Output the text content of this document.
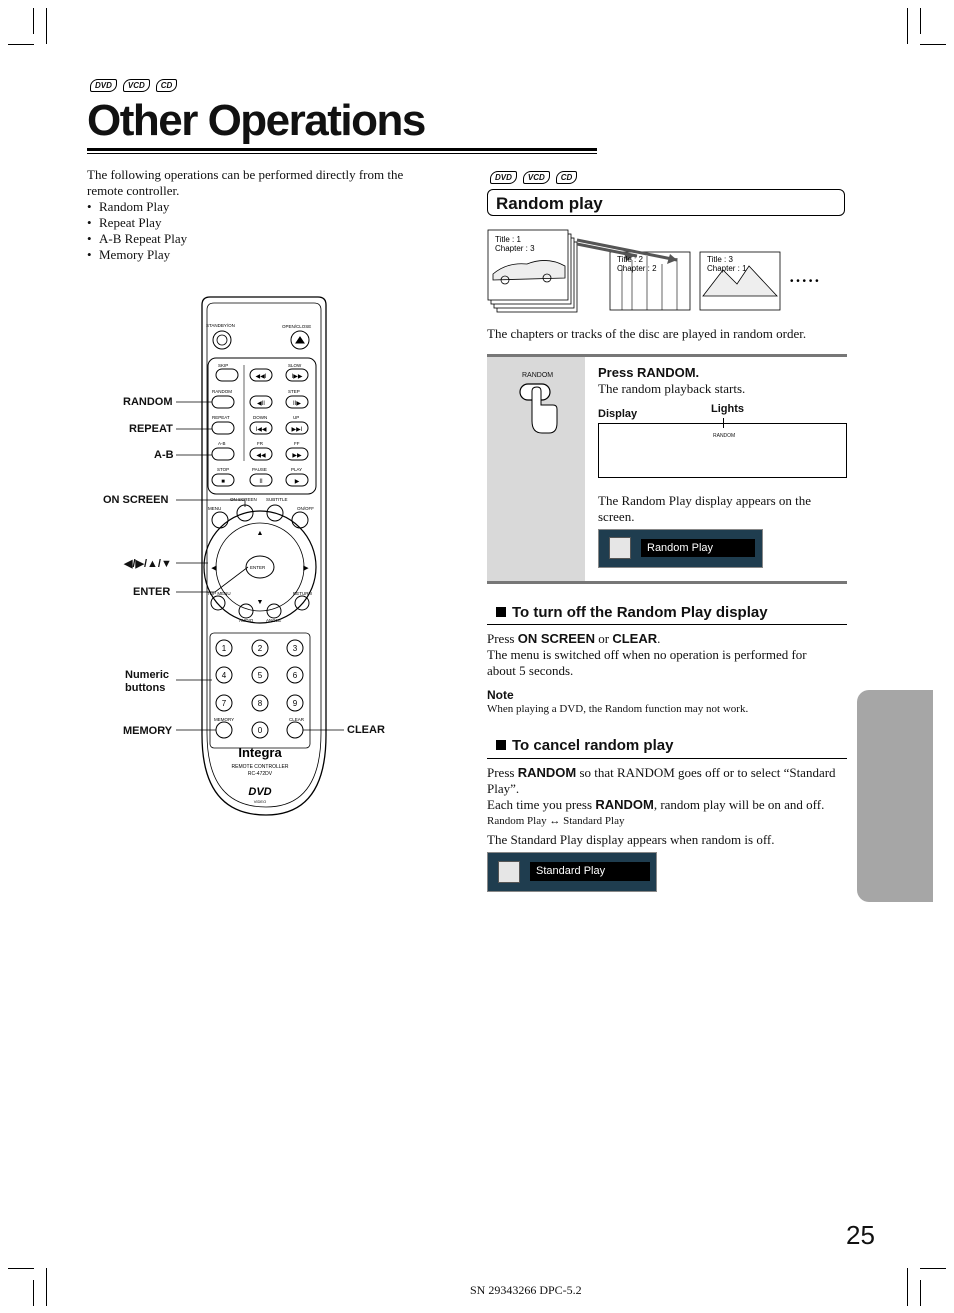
DVD	VCD	CD
Other Operations
The following operations can be performed directly from the remote controller.
• Random Play
• Repeat Play
• A-B Repeat Play
• Memory Play
◀◀I	I▶▶
◀II	II▶
I◀◀	▶▶I
◀◀	▶▶
■	II	▶
▲
▼
◀	▶
1	2	3
4	5	6
7	8	9
0
STANDBY/ON	OPEN/CLOSE
SKIP	SLOW
RANDOM	STEP
REPEAT	DOWN	UP
A-B	FR	FF
STOP	PAUSE	PLAY
MENU
ON SCREEN SUBTITLE
ON/OFF
ENTER
TOP MENU
AUDIO	ANGLE
RETURN
MEMORY	CLEAR
Integra
REMOTE CONTROLLER
RC-472DV
DVD
VIDEO
RANDOM
REPEAT
A-B
ON SCREEN
◀/▶/▲/▼
ENTER
Numeric buttons
MEMORY	CLEAR
DVD	VCD	CD
Random play
Title : 1 Chapter : 3
Title : 2 Chapter : 2
Title : 3 Chapter : 1
• • • • •
The chapters or tracks of the disc are played in random order.
RANDOM	Press RANDOM.
The random playback starts.
Display	Lights
RANDOM
The Random Play display appears on the screen.
Random Play
To turn off the Random Play display
Press ON SCREEN or CLEAR.
The menu is switched off when no operation is performed for about 5 seconds.
Note
When playing a DVD, the Random function may not work.
To cancel random play
Press RANDOM so that RANDOM goes off or to select “Standard Play”.
Each time you press RANDOM, random play will be on and off.
Random Play ↔ Standard Play
The Standard Play display appears when random is off.
Standard Play
25
SN 29343266 DPC-5.2
